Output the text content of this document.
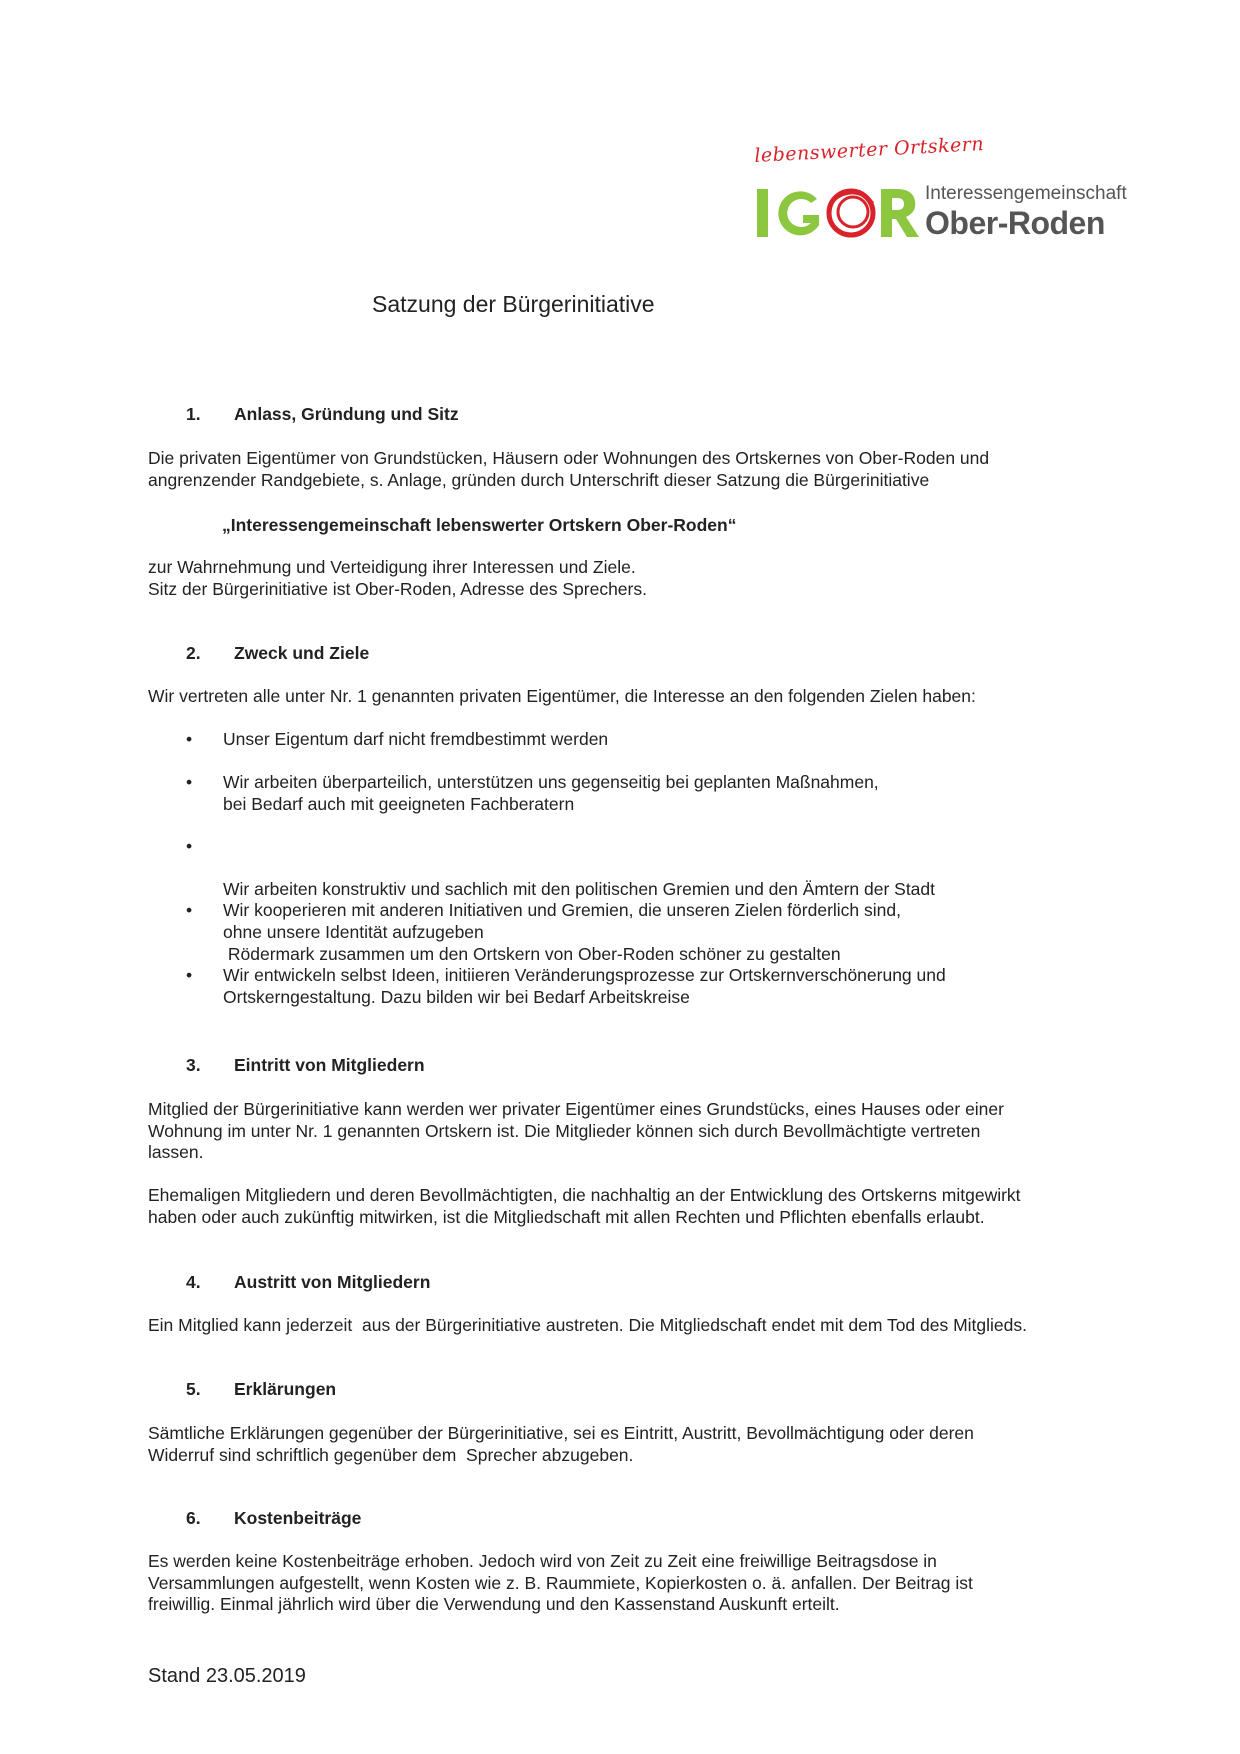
lebenswerter Ortskern
Interessengemeinschaft
Ober-Roden
Satzung der Bürgerinitiative
1. Anlass, Gründung und Sitz

Die privaten Eigentümer von Grundstücken, Häusern oder Wohnungen des Ortskernes von Ober-Roden und

angrenzender Randgebiete, s. Anlage, gründen durch Unterschrift dieser Satzung die Bürgerinitiative

„Interessengemeinschaft lebenswerter Ortskern Ober-Roden“

zur Wahrnehmung und Verteidigung ihrer Interessen und Ziele.

Sitz der Bürgerinitiative ist Ober-Roden, Adresse des Sprechers.

2. Zweck und Ziele

Wir vertreten alle unter Nr. 1 genannten privaten Eigentümer, die Interesse an den folgenden Zielen haben:

• Unser Eigentum darf nicht fremdbestimmt werden
• Wir arbeiten überparteilich, unterstützen uns gegenseitig bei geplanten Maßnahmen,
bei Bedarf auch mit geeigneten Fachberatern
•

Wir arbeiten konstruktiv und sachlich mit den politischen Gremien und den Ämtern der Stadt

Rödermark zusammen um den Ortskern von Ober-Roden schöner zu gestalten

• Wir kooperieren mit anderen Initiativen und Gremien, die unseren Zielen förderlich sind,
ohne unsere Identität aufzugeben
• Wir entwickeln selbst Ideen, initiieren Veränderungsprozesse zur Ortskernverschönerung und
Ortskerngestaltung. Dazu bilden wir bei Bedarf Arbeitskreise
3. Eintritt von Mitgliedern

Mitglied der Bürgerinitiative kann werden wer privater Eigentümer eines Grundstücks, eines Hauses oder einer

Wohnung im unter Nr. 1 genannten Ortskern ist. Die Mitglieder können sich durch Bevollmächtigte vertreten

lassen.

Ehemaligen Mitgliedern und deren Bevollmächtigten, die nachhaltig an der Entwicklung des Ortskerns mitgewirkt

haben oder auch zukünftig mitwirken, ist die Mitgliedschaft mit allen Rechten und Pflichten ebenfalls erlaubt.

4. Austritt von Mitgliedern

Ein Mitglied kann jederzeit  aus der Bürgerinitiative austreten. Die Mitgliedschaft endet mit dem Tod des Mitglieds.

5. Erklärungen

Sämtliche Erklärungen gegenüber der Bürgerinitiative, sei es Eintritt, Austritt, Bevollmächtigung oder deren

Widerruf sind schriftlich gegenüber dem  Sprecher abzugeben.

6. Kostenbeiträge

Es werden keine Kostenbeiträge erhoben. Jedoch wird von Zeit zu Zeit eine freiwillige Beitragsdose in

Versammlungen aufgestellt, wenn Kosten wie z. B. Raummiete, Kopierkosten o. ä. anfallen. Der Beitrag ist

freiwillig. Einmal jährlich wird über die Verwendung und den Kassenstand Auskunft erteilt.

Stand 23.05.2019
